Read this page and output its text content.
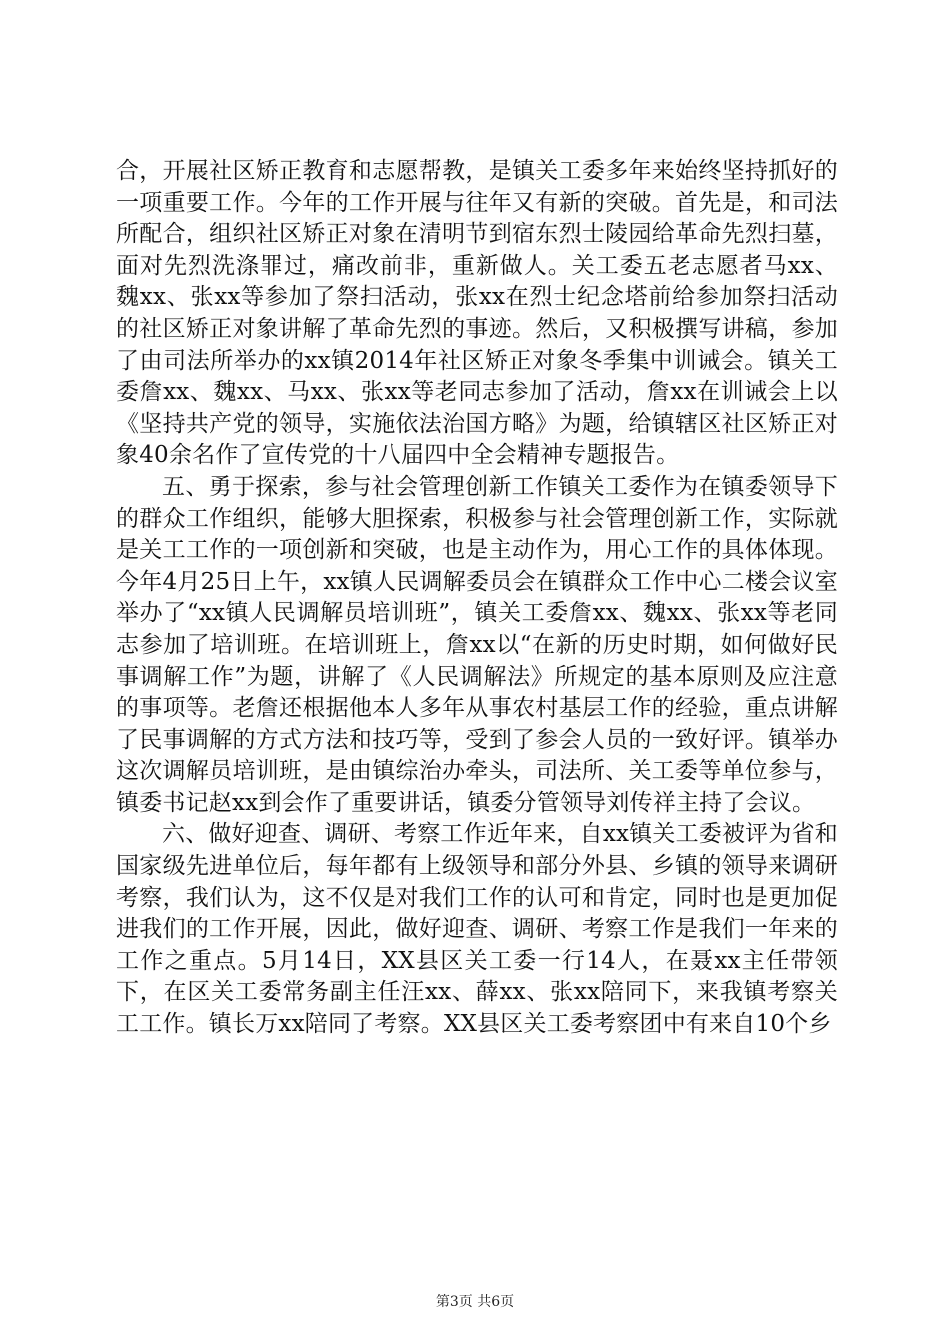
合，开展社区矫正教育和志愿帮教，是镇关工委多年来始终坚持抓好的一项重要工作。今年的工作开展与往年又有新的突破。首先是，和司法所配合，组织社区矫正对象在清明节到宿东烈士陵园给革命先烈扫墓，面对先烈洗涤罪过，痛改前非，重新做人。关工委五老志愿者马xx、魏xx、张xx等参加了祭扫活动，张xx在烈士纪念塔前给参加祭扫活动的社区矫正对象讲解了革命先烈的事迹。然后，又积极撰写讲稿，参加了由司法所举办的xx镇2014年社区矫正对象冬季集中训诫会。镇关工委詹xx、魏xx、马xx、张xx等老同志参加了活动，詹xx在训诫会上以《坚持共产党的领导，实施依法治国方略》为题，给镇辖区社区矫正对象40余名作了宣传党的十八届四中全会精神专题报告。

五、勇于探索，参与社会管理创新工作镇关工委作为在镇委领导下的群众工作组织，能够大胆探索，积极参与社会管理创新工作，实际就是关工工作的一项创新和突破，也是主动作为，用心工作的具体体现。今年4月25日上午，xx镇人民调解委员会在镇群众工作中心二楼会议室举办了“xx镇人民调解员培训班”，镇关工委詹xx、魏xx、张xx等老同志参加了培训班。在培训班上，詹xx以“在新的历史时期，如何做好民事调解工作”为题，讲解了《人民调解法》所规定的基本原则及应注意的事项等。老詹还根据他本人多年从事农村基层工作的经验，重点讲解了民事调解的方式方法和技巧等，受到了参会人员的一致好评。镇举办这次调解员培训班，是由镇综治办牵头，司法所、关工委等单位参与，镇委书记赵xx到会作了重要讲话，镇委分管领导刘传祥主持了会议。

六、做好迎查、调研、考察工作近年来，自xx镇关工委被评为省和国家级先进单位后，每年都有上级领导和部分外县、乡镇的领导来调研考察，我们认为，这不仅是对我们工作的认可和肯定，同时也是更加促进我们的工作开展，因此，做好迎查、调研、考察工作是我们一年来的工作之重点。5月14日，XX县区关工委一行14人，在聂xx主任带领下，在区关工委常务副主任汪xx、薛xx、张xx陪同下，来我镇考察关工工作。镇长万xx陪同了考察。XX县区关工委考察团中有来自10个乡

第3页 共6页
